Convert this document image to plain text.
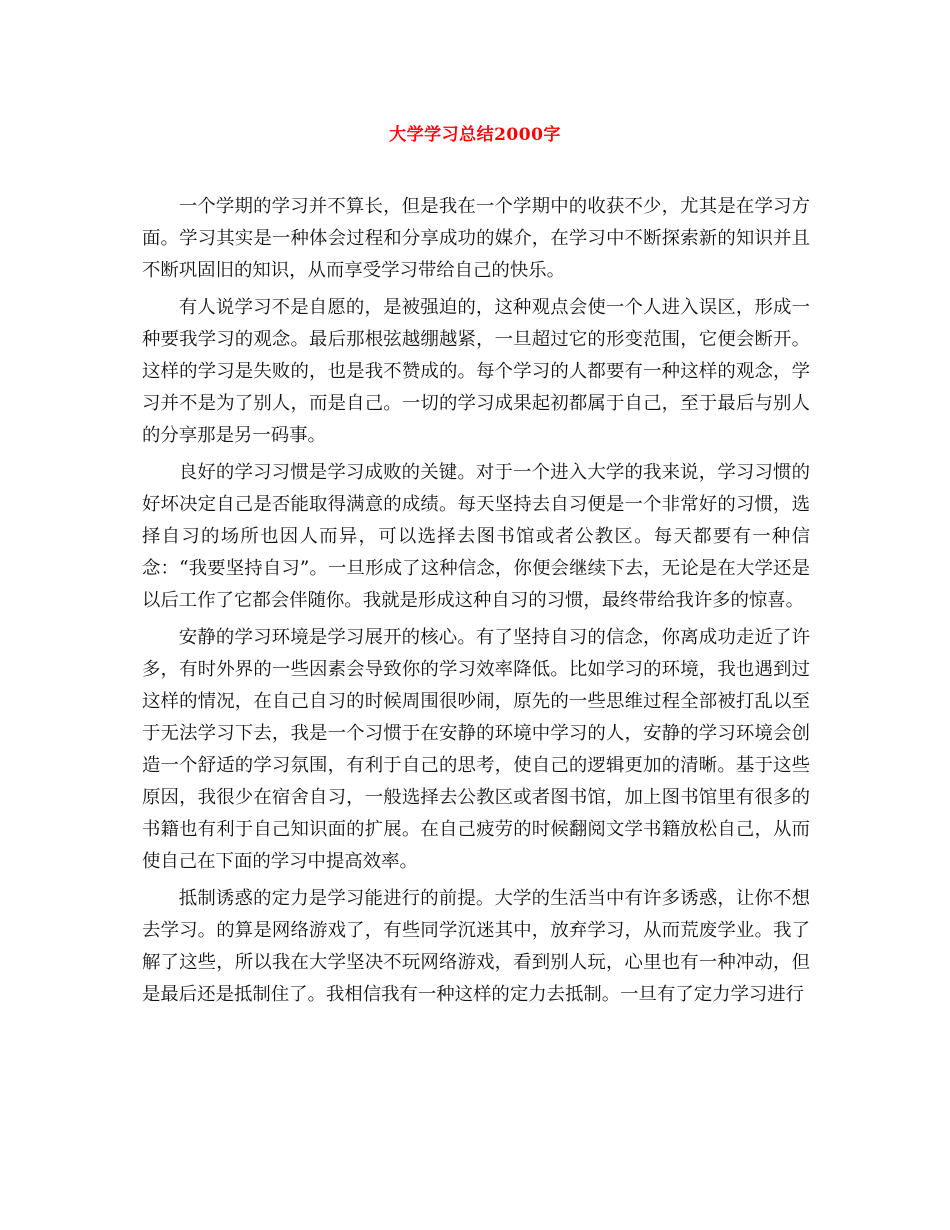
大学学习总结2000字

一个学期的学习并不算长，但是我在一个学期中的收获不少，尤其是在学习方面。学习其实是一种体会过程和分享成功的媒介，在学习中不断探索新的知识并且不断巩固旧的知识，从而享受学习带给自己的快乐。

有人说学习不是自愿的，是被强迫的，这种观点会使一个人进入误区，形成一种要我学习的观念。最后那根弦越绷越紧，一旦超过它的形变范围，它便会断开。这样的学习是失败的，也是我不赞成的。每个学习的人都要有一种这样的观念，学习并不是为了别人，而是自己。一切的学习成果起初都属于自己，至于最后与别人的分享那是另一码事。

良好的学习习惯是学习成败的关键。对于一个进入大学的我来说，学习习惯的好坏决定自己是否能取得满意的成绩。每天坚持去自习便是一个非常好的习惯，选择自习的场所也因人而异，可以选择去图书馆或者公教区。每天都要有一种信念：“我要坚持自习”。一旦形成了这种信念，你便会继续下去，无论是在大学还是以后工作了它都会伴随你。我就是形成这种自习的习惯，最终带给我许多的惊喜。

安静的学习环境是学习展开的核心。有了坚持自习的信念，你离成功走近了许多，有时外界的一些因素会导致你的学习效率降低。比如学习的环境，我也遇到过这样的情况，在自己自习的时候周围很吵闹，原先的一些思维过程全部被打乱以至于无法学习下去，我是一个习惯于在安静的环境中学习的人，安静的学习环境会创造一个舒适的学习氛围，有利于自己的思考，使自己的逻辑更加的清晰。基于这些原因，我很少在宿舍自习，一般选择去公教区或者图书馆，加上图书馆里有很多的书籍也有利于自己知识面的扩展。在自己疲劳的时候翻阅文学书籍放松自己，从而使自己在下面的学习中提高效率。

抵制诱惑的定力是学习能进行的前提。大学的生活当中有许多诱惑，让你不想去学习。的算是网络游戏了，有些同学沉迷其中，放弃学习，从而荒废学业。我了解了这些，所以我在大学坚决不玩网络游戏，看到别人玩，心里也有一种冲动，但是最后还是抵制住了。我相信我有一种这样的定力去抵制。一旦有了定力学习进行
